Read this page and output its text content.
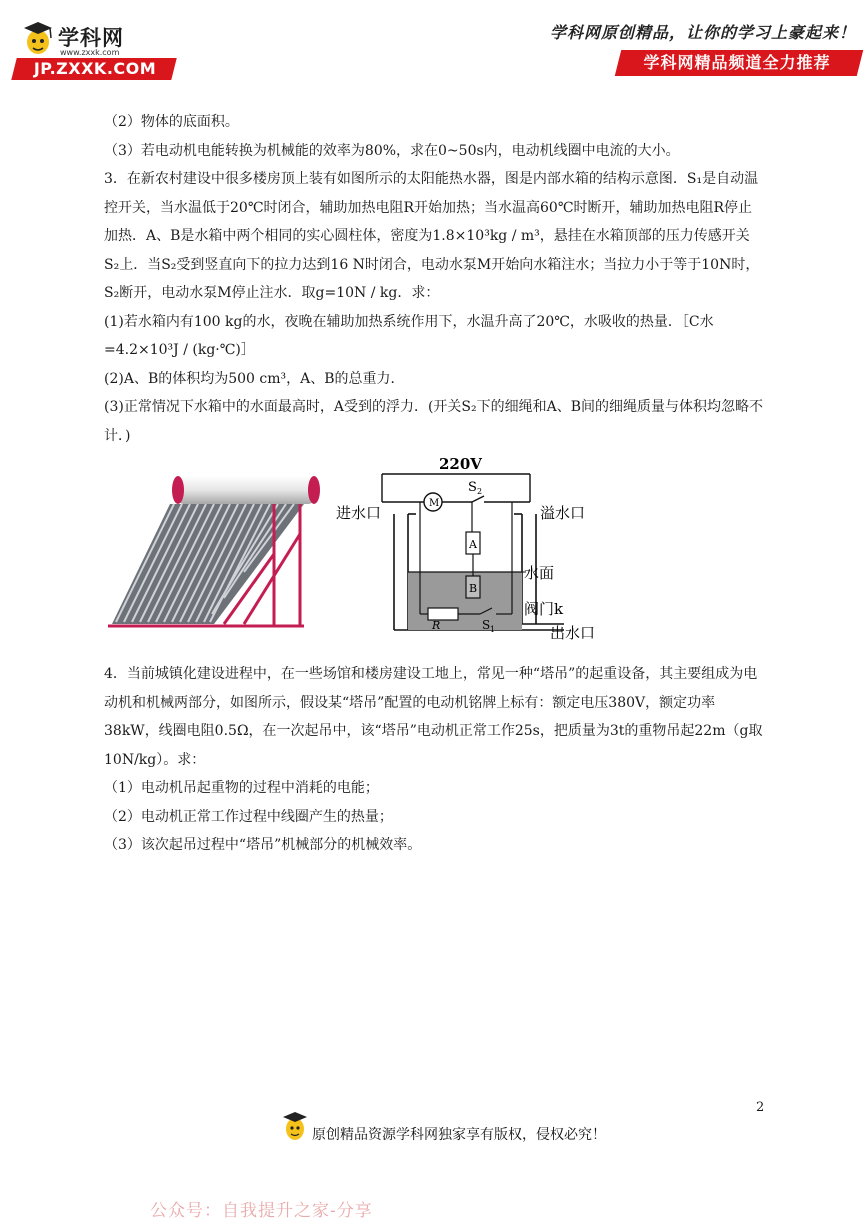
学科网
www.zxxk.com
JP.ZXXK.COM
学科网原创精品，让你的学习上豪起来！
学科网精品频道全力推荐

（2）物体的底面积。

（3）若电动机电能转换为机械能的效率为80%，求在0~50s内，电动机线圈中电流的大小。

3．在新农村建设中很多楼房顶上装有如图所示的太阳能热水器，图是内部水箱的结构示意图．S₁是自动温控开关，当水温低于20℃时闭合，辅助加热电阻R开始加热；当水温高60℃时断开，辅助加热电阻R停止加热．A、B是水箱中两个相同的实心圆柱体，密度为1.8×10³kg / m³，悬挂在水箱顶部的压力传感开关S₂上．当S₂受到竖直向下的拉力达到16 N时闭合，电动水泵M开始向水箱注水；当拉力小于等于10N时，S₂断开，电动水泵M停止注水．取g=10N / kg．求：

(1)若水箱内有100 kg的水，夜晚在辅助加热系统作用下，水温升高了20℃，水吸收的热量．［C水=4.2×10³J / (kg·℃)］

(2)A、B的体积均为500 cm³，A、B的总重力．

(3)正常情况下水箱中的水面最高时，A受到的浮力．(开关S₂下的细绳和A、B间的细绳质量与体积均忽略不计．)

M
220V
S 2
A
B
R	S 1
进水口	溢水口
水面
阀门k
出水口

4．当前城镇化建设进程中，在一些场馆和楼房建设工地上，常见一种“塔吊”的起重设备，其主要组成为电动机和机械两部分，如图所示，假设某“塔吊”配置的电动机铭牌上标有：额定电压380V，额定功率38kW，线圈电阻0.5Ω，在一次起吊中，该“塔吊”电动机正常工作25s，把质量为3t的重物吊起22m（g取10N/kg）。求：

（1）电动机吊起重物的过程中消耗的电能；

（2）电动机正常工作过程中线圈产生的热量；

（3）该次起吊过程中“塔吊”机械部分的机械效率。

2
原创精品资源学科网独家享有版权，侵权必究！
公众号：自我提升之家-分享
